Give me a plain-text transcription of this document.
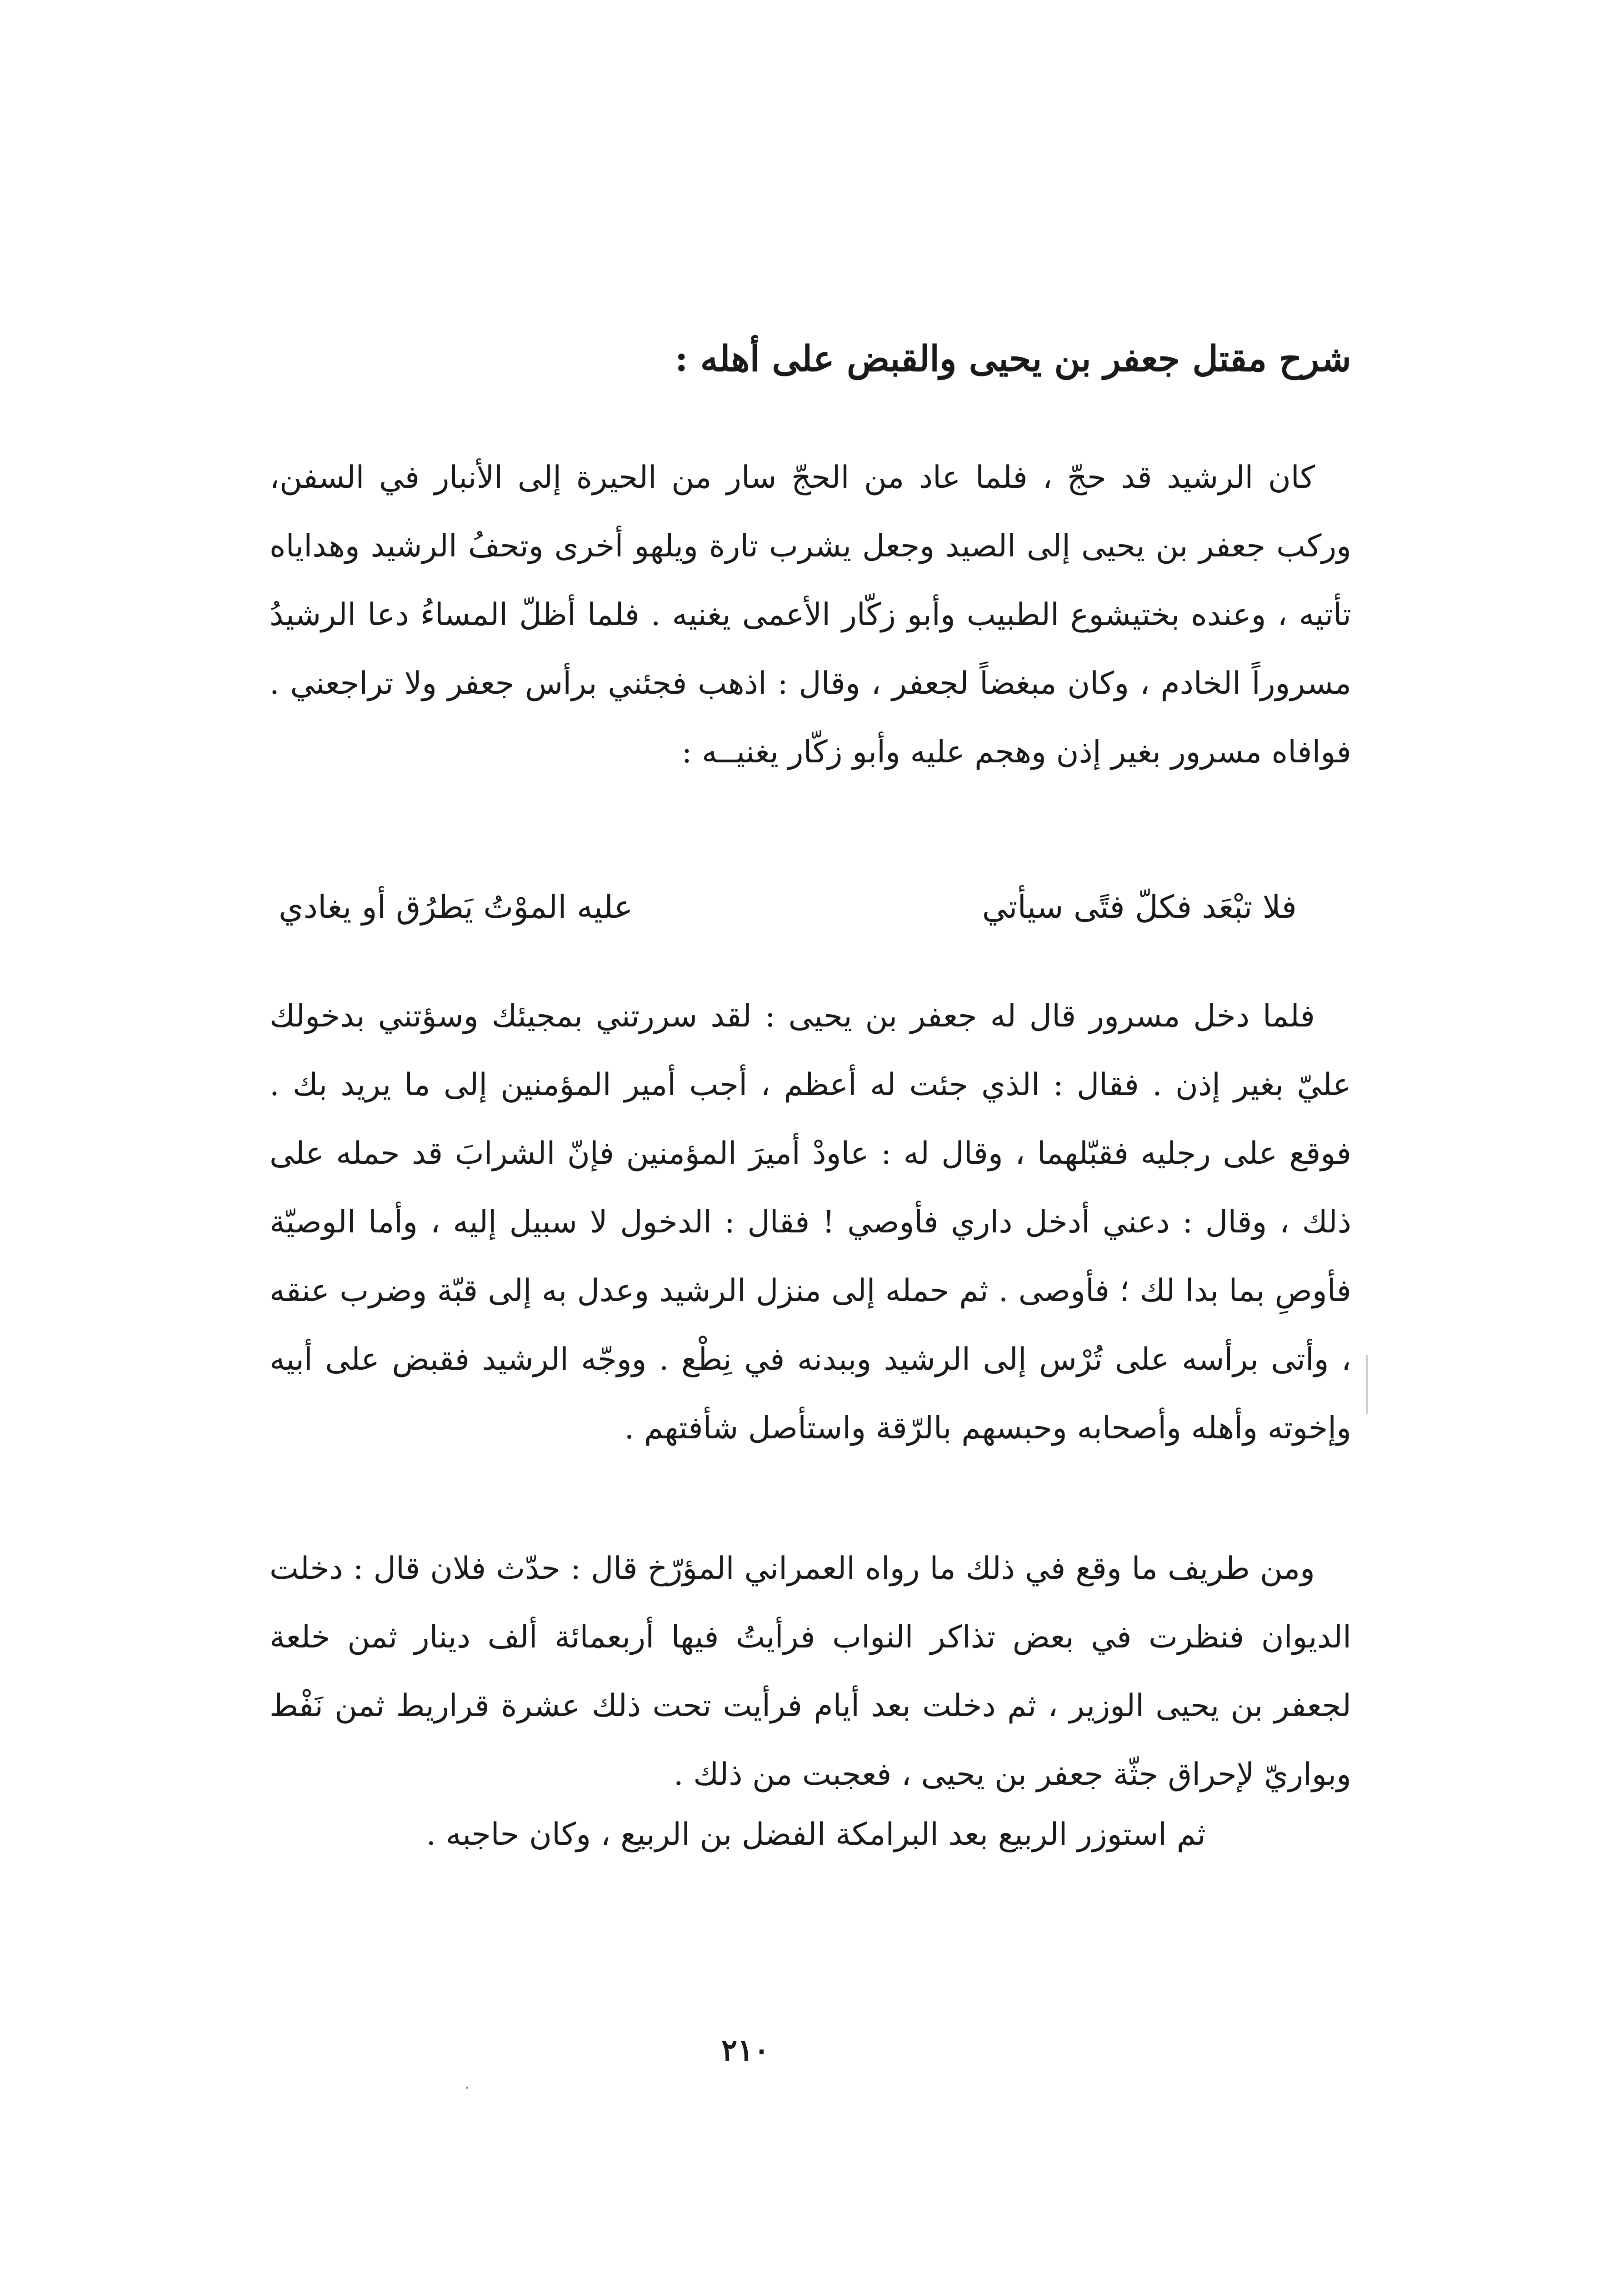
شرح مقتل جعفر بن يحيى والقبض على أهله :

كان الرشيد قد حجّ ، فلما عاد من الحجّ سار من الحيرة إلى الأنبار في السفن، وركب جعفر بن يحيى إلى الصيد وجعل يشرب تارة ويلهو أخرى وتحفُ الرشيد وهداياه تأتيه ، وعنده بختيشوع الطبيب وأبو زكّار الأعمى يغنيه . فلما أظلّ المساءُ دعا الرشيدُ مسروراً الخادم ، وكان مبغضاً لجعفر ، وقال : اذهب فجئني برأس جعفر ولا تراجعني . فوافاه مسرور بغير إذن وهجم عليه وأبو زكّار يغنيــه :

فلا تبْعَد فكلّ فتًى سيأتي
عليه الموْتُ يَطرُق أو يغادي

فلما دخل مسرور قال له جعفر بن يحيى : لقد سررتني بمجيئك وسؤتني بدخولك عليّ بغير إذن . فقال : الذي جئت له أعظم ، أجب أمير المؤمنين إلى ما يريد بك . فوقع على رجليه فقبّلهما ، وقال له : عاودْ أميرَ المؤمنين فإنّ الشرابَ قد حمله على ذلك ، وقال : دعني أدخل داري فأوصي ! فقال : الدخول لا سبيل إليه ، وأما الوصيّة فأوصِ بما بدا لك ؛ فأوصى . ثم حمله إلى منزل الرشيد وعدل به إلى قبّة وضرب عنقه ، وأتى برأسه على تُرْس إلى الرشيد وببدنه في نِطْع . ووجّه الرشيد فقبض على أبيه وإخوته وأهله وأصحابه وحبسهم بالرّقة واستأصل شأفتهم .

ومن طريف ما وقع في ذلك ما رواه العمراني المؤرّخ قال : حدّث فلان قال : دخلت الديوان فنظرت في بعض تذاكر النواب فرأيتُ فيها أربعمائة ألف دينار ثمن خلعة لجعفر بن يحيى الوزير ، ثم دخلت بعد أيام فرأيت تحت ذلك عشرة قراريط ثمن نَفْط وبواريّ لإحراق جثّة جعفر بن يحيى ، فعجبت من ذلك .

ثم استوزر الربيع بعد البرامكة الفضل بن الربيع ، وكان حاجبه .

٢١٠
